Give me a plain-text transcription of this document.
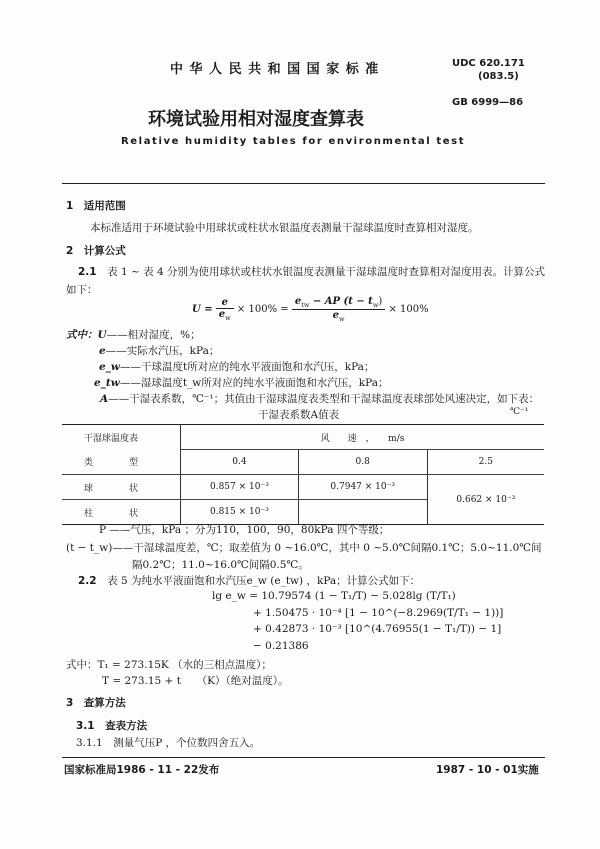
中 华 人 民 共 和 国 国 家 标 准	UDC 620.171
(083.5)
GB 6999—86
环境试验用相对湿度查算表
Relative humidity tables for environmental test
1　适用范围
本标准适用于环境试验中用球状或柱状水银温度表测量干湿球温度时查算相对湿度。
2　计算公式
2.1　 表 1 ~ 表 4 分别为使用球状或柱状水银温度表测量干湿球温度时查算相对湿度用表。计算公式
如下：
$U = \frac{e}{e_w} \times 100\% = \frac{e_{tw} - AP (t - t_w)}{e_w} \times 100\%$
式中：U——相对湿度，%；
e——实际水汽压，kPa；
e_w——干球温度t所对应的纯水平液面饱和水汽压，kPa；
e_tw——湿球温度t_w所对应的纯水平液面饱和水汽压，kPa；
A——干湿表系数，℃⁻¹；其值由干湿球温度表类型和干湿球温度表球部处风速决定，如下表：
干湿表系数A值表	℃⁻¹
干湿球温度表	风　　速　，　　m/s		
类　　　　型	0.4	0.8	2.5
球　　　　状	0.857 × 10⁻³	0.7947 × 10⁻³	0.662 × 10⁻³
柱　　　　状	0.815 × 10⁻³		
P ——气压，kPa ；分为110，100，90，80kPa 四个等级；
(t − t_w)——干湿球温度差，℃；取差值为 0 ~16.0℃，其中 0 ~5.0℃间隔0.1℃；5.0~11.0℃间
隔0.2℃；11.0~16.0℃间隔0.5℃。
2.2　 表 5 为纯水平液面饱和水汽压e_w (e_tw) ，kPa；计算公式如下：
lg e_w = 10.79574 (1 − T₁/T) − 5.028lg (T/T₁)
+ 1.50475 · 10⁻⁴ [1 − 10^(−8.2969(T/T₁ − 1))]
+ 0.42873 · 10⁻³ [10^(4.76955(1 − T₁/T)) − 1]
− 0.21386
式中：T₁ = 273.15K （水的三相点温度）；
T = 273.15 + t　　（K）（绝对温度）。
3　查算方法
3.1　查表方法
3.1.1　测量气压P ，个位数四舍五入。
国家标准局1986 - 11 - 22发布	1987 - 10 - 01实施
